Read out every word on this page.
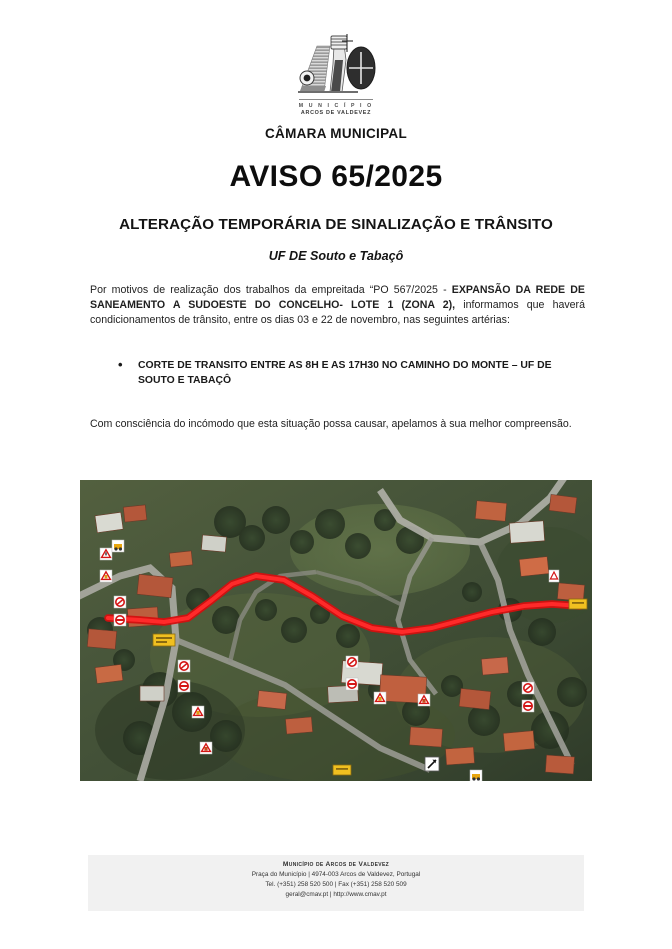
M U N I C Í P I O
ARCOS DE VALDEVEZ
CÂMARA MUNICIPAL
AVISO 65/2025
ALTERAÇÃO TEMPORÁRIA DE SINALIZAÇÃO E TRÂNSITO
UF DE Souto e Tabaçô

Por motivos de realização dos trabalhos da empreitada “PO 567/2025 - EXPANSÃO DA REDE DE SANEAMENTO A SUDOESTE DO CONCELHO- LOTE 1 (ZONA 2), informamos que haverá condicionamentos de trânsito, entre os dias 03 e 22 de novembro, nas seguintes artérias:

• CORTE DE TRANSITO ENTRE AS 8H E AS 17H30 NO CAMINHO DO MONTE – UF DE SOUTO E TABAÇÔ

Com consciência do incómodo que esta situação possa causar, apelamos à sua melhor compreensão.

Município de Arcos de Valdevez
Praça do Município | 4974-003 Arcos de Valdevez, Portugal
Tel. (+351) 258 520 500 | Fax (+351) 258 520 509
geral@cmav.pt | http://www.cmav.pt
